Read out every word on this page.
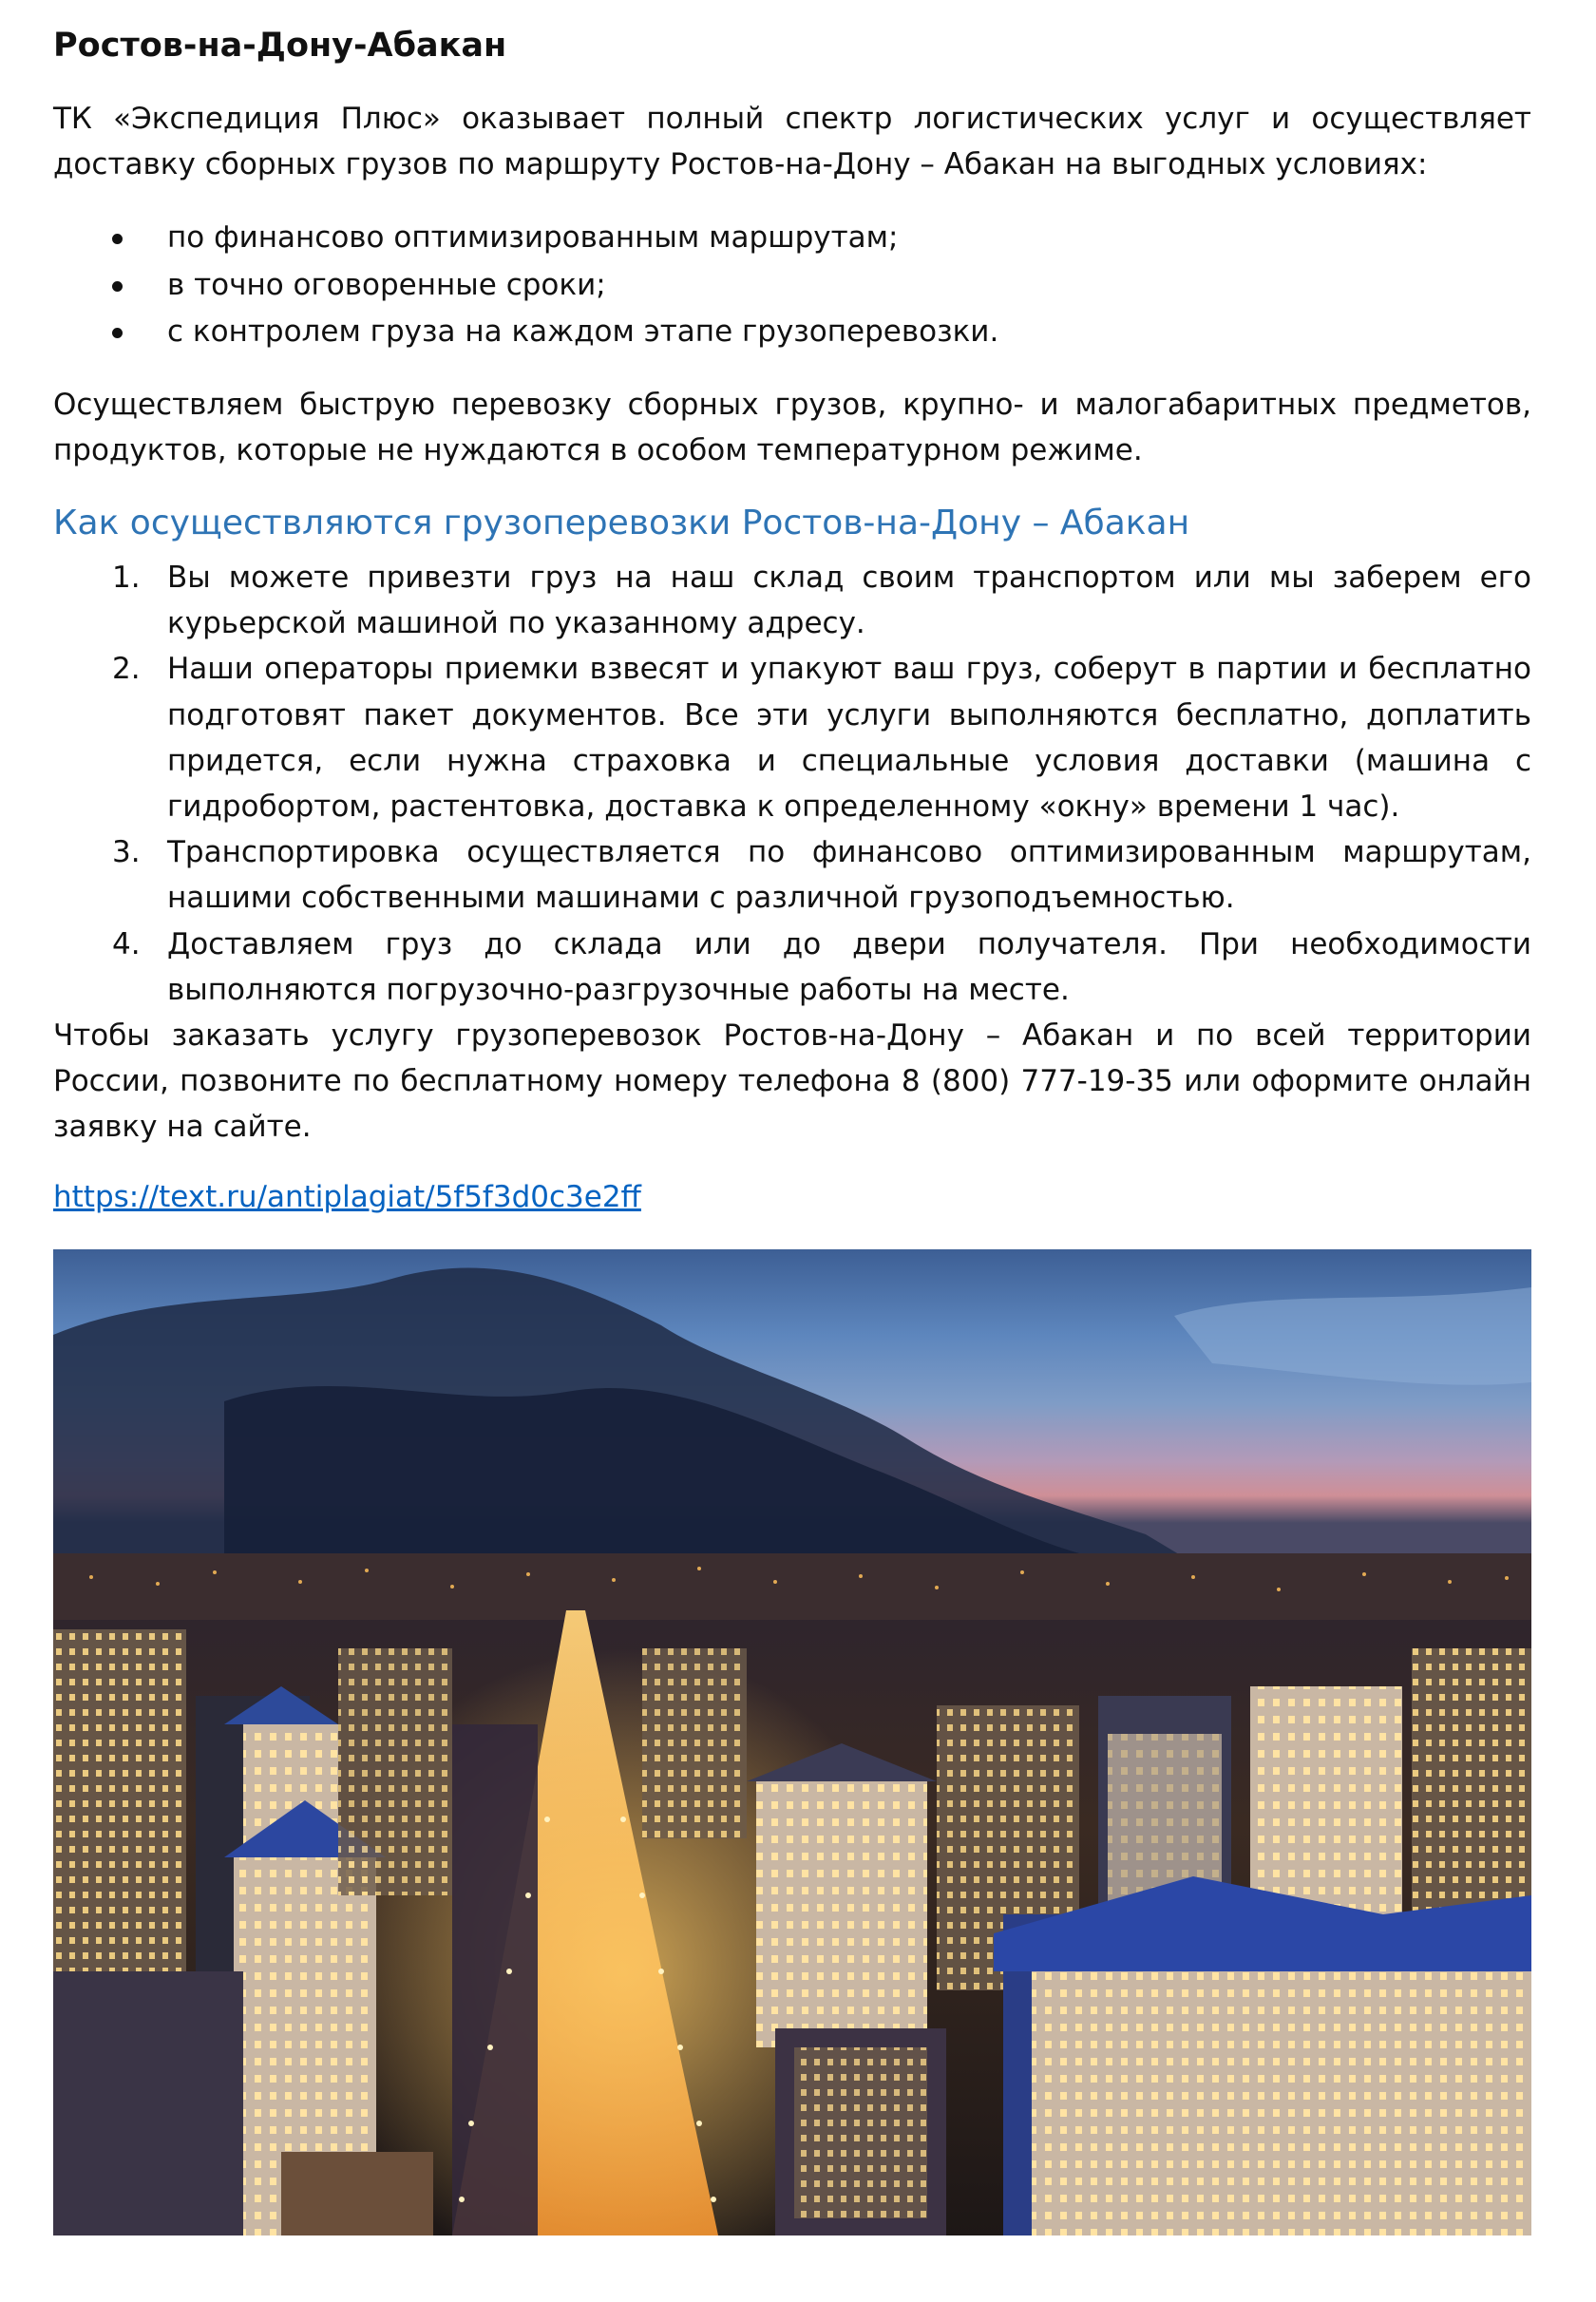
Ростов-на-Дону-Абакан

ТК «Экспедиция Плюс» оказывает полный спектр логистических услуг и осуществляет доставку сборных грузов по маршруту Ростов-на-Дону – Абакан на выгодных условиях:

по финансово оптимизированным маршрутам;
в точно оговоренные сроки;
с контролем груза на каждом этапе грузоперевозки.

Осуществляем быструю перевозку сборных грузов, крупно- и малогабаритных предметов, продуктов, которые не нуждаются в особом температурном режиме.

Как осуществляются грузоперевозки Ростов-на-Дону – Абакан
1. Вы можете привезти груз на наш склад своим транспортом или мы заберем его курьерской машиной по указанному адресу.
2. Наши операторы приемки взвесят и упакуют ваш груз, соберут в партии и бесплатно подготовят пакет документов. Все эти услуги выполняются бесплатно, доплатить придется, если нужна страховка и специальные условия доставки (машина с гидробортом, растентовка, доставка к определенному «окну» времени 1 час).
3. Транспортировка осуществляется по финансово оптимизированным маршрутам, нашими собственными машинами с различной грузоподъемностью.
4. Доставляем груз до склада или до двери получателя. При необходимости выполняются погрузочно-разгрузочные работы на месте.

Чтобы заказать услугу грузоперевозок Ростов-на-Дону – Абакан и по всей территории России, позвоните по бесплатному номеру телефона 8 (800) 777-19-35 или оформите онлайн заявку на сайте.

https://text.ru/antiplagiat/5f5f3d0c3e2ff
